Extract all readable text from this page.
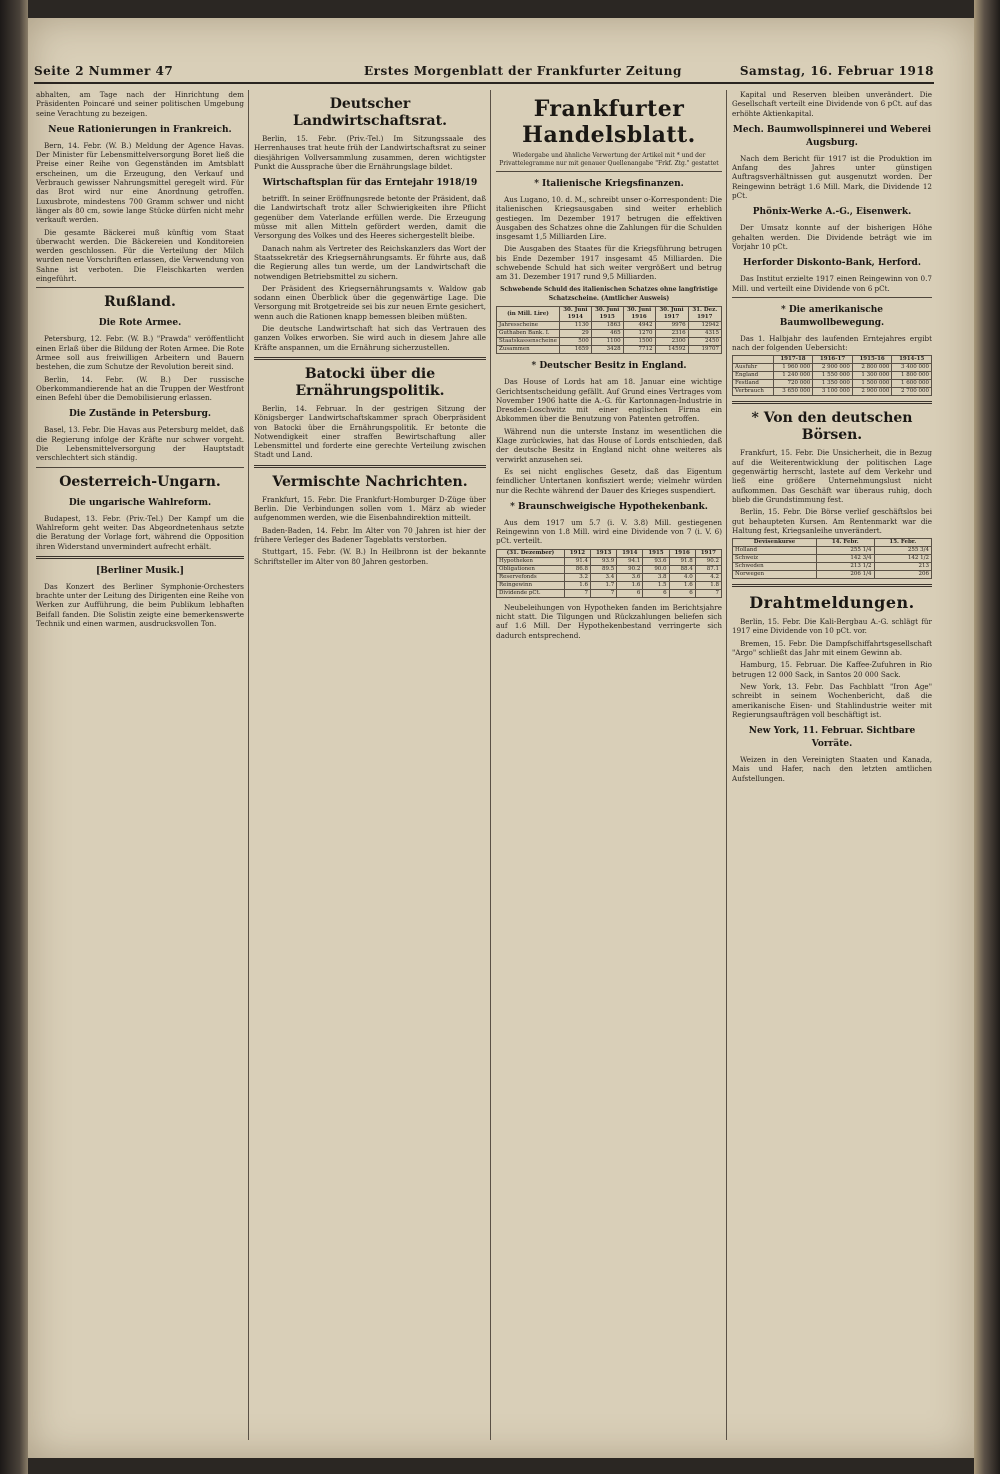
Seite 2 Nummer 47	Erstes Morgenblatt der Frankfurter Zeitung	Samstag, 16. Februar 1918

abhalten, am Tage nach der Hinrichtung dem Präsidenten Poincaré und seiner politischen Umgebung seine Verachtung zu bezeigen.

Neue Rationierungen in Frankreich.

Bern, 14. Febr. (W. B.) Meldung der Agence Havas. Der Minister für Lebensmittelversorgung Boret ließ die Preise einer Reihe von Gegenständen im Amtsblatt erscheinen, um die Erzeugung, den Verkauf und Verbrauch gewisser Nahrungsmittel geregelt wird. Für das Brot wird nur eine Anordnung getroffen. Luxusbrote, mindestens 700 Gramm schwer und nicht länger als 80 cm, sowie lange Stücke dürfen nicht mehr verkauft werden.

Die gesamte Bäckerei muß künftig vom Staat überwacht werden. Die Bäckereien und Konditoreien werden geschlossen. Für die Verteilung der Milch wurden neue Vorschriften erlassen, die Verwendung von Sahne ist verboten. Die Fleischkarten werden eingeführt.

Rußland.
Die Rote Armee.

Petersburg, 12. Febr. (W. B.) "Prawda" veröffentlicht einen Erlaß über die Bildung der Roten Armee. Die Rote Armee soll aus freiwilligen Arbeitern und Bauern bestehen, die zum Schutze der Revolution bereit sind.

Berlin, 14. Febr. (W. B.) Der russische Oberkommandierende hat an die Truppen der Westfront einen Befehl über die Demobilisierung erlassen.

Die Zustände in Petersburg.

Basel, 13. Febr. Die Havas aus Petersburg meldet, daß die Regierung infolge der Kräfte nur schwer vorgeht. Die Lebensmittelversorgung der Hauptstadt verschlechtert sich ständig.

Oesterreich-Ungarn.
Die ungarische Wahlreform.

Budapest, 13. Febr. (Priv.-Tel.) Der Kampf um die Wahlreform geht weiter. Das Abgeordnetenhaus setzte die Beratung der Vorlage fort, während die Opposition ihren Widerstand unvermindert aufrecht erhält.

[Berliner Musik.]

Das Konzert des Berliner Symphonie-Orchesters brachte unter der Leitung des Dirigenten eine Reihe von Werken zur Aufführung, die beim Publikum lebhaften Beifall fanden. Die Solistin zeigte eine bemerkenswerte Technik und einen warmen, ausdrucksvollen Ton.

Deutscher Landwirtschaftsrat.

Berlin, 15. Febr. (Priv.-Tel.) Im Sitzungssaale des Herrenhauses trat heute früh der Landwirtschaftsrat zu seiner diesjährigen Vollversammlung zusammen, deren wichtigster Punkt die Aussprache über die Ernährungslage bildet.

Wirtschaftsplan für das Erntejahr 1918/19

betrifft. In seiner Eröffnungsrede betonte der Präsident, daß die Landwirtschaft trotz aller Schwierigkeiten ihre Pflicht gegenüber dem Vaterlande erfüllen werde. Die Erzeugung müsse mit allen Mitteln gefördert werden, damit die Versorgung des Volkes und des Heeres sichergestellt bleibe.

Danach nahm als Vertreter des Reichskanzlers das Wort der Staatssekretär des Kriegsernährungsamts. Er führte aus, daß die Regierung alles tun werde, um der Landwirtschaft die notwendigen Betriebsmittel zu sichern.

Der Präsident des Kriegsernährungsamts v. Waldow gab sodann einen Überblick über die gegenwärtige Lage. Die Versorgung mit Brotgetreide sei bis zur neuen Ernte gesichert, wenn auch die Rationen knapp bemessen bleiben müßten.

Die deutsche Landwirtschaft hat sich das Vertrauen des ganzen Volkes erworben. Sie wird auch in diesem Jahre alle Kräfte anspannen, um die Ernährung sicherzustellen.

Batocki über die Ernährungspolitik.

Berlin, 14. Februar. In der gestrigen Sitzung der Königsberger Landwirtschaftskammer sprach Oberpräsident von Batocki über die Ernährungspolitik. Er betonte die Notwendigkeit einer straffen Bewirtschaftung aller Lebensmittel und forderte eine gerechte Verteilung zwischen Stadt und Land.

Vermischte Nachrichten.

Frankfurt, 15. Febr. Die Frankfurt-Homburger D-Züge über Berlin. Die Verbindungen sollen vom 1. März ab wieder aufgenommen werden, wie die Eisenbahndirektion mitteilt.

Baden-Baden, 14. Febr. Im Alter von 70 Jahren ist hier der frühere Verleger des Badener Tageblatts verstorben.

Stuttgart, 15. Febr. (W. B.) In Heilbronn ist der bekannte Schriftsteller im Alter von 80 Jahren gestorben.

Frankfurter Handelsblatt.

Wiedergabe und ähnliche Verwertung der Artikel mit * und der Privattelegramme nur mit genauer Quellenangabe "Frkf. Ztg." gestattet

* Italienische Kriegsfinanzen.

Aus Lugano, 10. d. M., schreibt unser o-Korrespondent: Die italienischen Kriegsausgaben sind weiter erheblich gestiegen. Im Dezember 1917 betrugen die effektiven Ausgaben des Schatzes ohne die Zahlungen für die Schulden insgesamt 1,5 Milliarden Lire.

Die Ausgaben des Staates für die Kriegsführung betrugen bis Ende Dezember 1917 insgesamt 45 Milliarden. Die schwebende Schuld hat sich weiter vergrößert und betrug am 31. Dezember 1917 rund 9,5 Milliarden.

Schwebende Schuld des italienischen Schatzes ohne langfristige Schatzscheine. (Amtlicher Ausweis)

(in Mill. Lire)	30. Juni 1914	30. Juni 1915	30. Juni 1916	30. Juni 1917	31. Dez. 1917
Jahresscheine	1130	1863	4942	9976	12942
Guthaben Bank. I.	29	465	1270	2316	4315
Staatskassenscheine	500	1100	1500	2300	2450
Zusammen	1659	3428	7712	14592	19707
* Deutscher Besitz in England.

Das House of Lords hat am 18. Januar eine wichtige Gerichtsentscheidung gefällt. Auf Grund eines Vertrages vom November 1906 hatte die A.-G. für Kartonnagen-Industrie in Dresden-Loschwitz mit einer englischen Firma ein Abkommen über die Benutzung von Patenten getroffen.

Während nun die unterste Instanz im wesentlichen die Klage zurückwies, hat das House of Lords entschieden, daß der deutsche Besitz in England nicht ohne weiteres als verwirkt anzusehen sei.

Es sei nicht englisches Gesetz, daß das Eigentum feindlicher Untertanen konfisziert werde; vielmehr würden nur die Rechte während der Dauer des Krieges suspendiert.

* Braunschweigische Hypothekenbank.

Aus dem 1917 um 5.7 (i. V. 3.8) Mill. gestiegenen Reingewinn von 1.8 Mill. wird eine Dividende von 7 (i. V. 6) pCt. verteilt.

(31. Dezember)	1912	1913	1914	1915	1916	1917
Hypotheken	91.4	93.9	94.1	93.6	91.8	90.2
Obligationen	86.8	89.5	90.2	90.0	88.4	87.1
Reservefonds	3.2	3.4	3.6	3.8	4.0	4.2
Reingewinn	1.6	1.7	1.6	1.5	1.6	1.8
Dividende pCt.	7	7	6	6	6	7

Neubeleihungen von Hypotheken fanden im Berichtsjahre nicht statt. Die Tilgungen und Rückzahlungen beliefen sich auf 1.6 Mill. Der Hypothekenbestand verringerte sich dadurch entsprechend.

Kapital und Reserven bleiben unverändert. Die Gesellschaft verteilt eine Dividende von 6 pCt. auf das erhöhte Aktienkapital.

Mech. Baumwollspinnerei und Weberei Augsburg.

Nach dem Bericht für 1917 ist die Produktion im Anfang des Jahres unter günstigen Auftragsverhältnissen gut ausgenutzt worden. Der Reingewinn beträgt 1.6 Mill. Mark, die Dividende 12 pCt.

Phönix-Werke A.-G., Eisenwerk.

Der Umsatz konnte auf der bisherigen Höhe gehalten werden. Die Dividende beträgt wie im Vorjahr 10 pCt.

Herforder Diskonto-Bank, Herford.

Das Institut erzielte 1917 einen Reingewinn von 0.7 Mill. und verteilt eine Dividende von 6 pCt.

* Die amerikanische Baumwollbewegung.

Das 1. Halbjahr des laufenden Erntejahres ergibt nach der folgenden Uebersicht:

	1917-18	1916-17	1915-16	1914-15
Ausfuhr	1 960 000	2 900 000	2 800 000	3 400 000
England	1 240 000	1 550 000	1 300 000	1 800 000
Festland	720 000	1 350 000	1 500 000	1 600 000
Verbrauch	3 650 000	3 100 000	2 900 000	2 700 000
* Von den deutschen Börsen.

Frankfurt, 15. Febr. Die Unsicherheit, die in Bezug auf die Weiterentwicklung der politischen Lage gegenwärtig herrscht, lastete auf dem Verkehr und ließ eine größere Unternehmungslust nicht aufkommen. Das Geschäft war überaus ruhig, doch blieb die Grundstimmung fest.

Berlin, 15. Febr. Die Börse verlief geschäftslos bei gut behaupteten Kursen. Am Rentenmarkt war die Haltung fest, Kriegsanleihe unverändert.

Devisenkurse	14. Febr.	15. Febr.
Holland	255 1/4	255 3/4
Schweiz	142 3/4	142 1/2
Schweden	213 1/2	213
Norwegen	206 1/4	206
Drahtmeldungen.

Berlin, 15. Febr. Die Kali-Bergbau A.-G. schlägt für 1917 eine Dividende von 10 pCt. vor.

Bremen, 15. Febr. Die Dampfschiffahrtsgesellschaft "Argo" schließt das Jahr mit einem Gewinn ab.

Hamburg, 15. Februar. Die Kaffee-Zufuhren in Rio betrugen 12 000 Sack, in Santos 20 000 Sack.

New York, 13. Febr. Das Fachblatt "Iron Age" schreibt in seinem Wochenbericht, daß die amerikanische Eisen- und Stahlindustrie weiter mit Regierungsaufträgen voll beschäftigt ist.

New York, 11. Februar. Sichtbare Vorräte.

Weizen in den Vereinigten Staaten und Kanada, Mais und Hafer, nach den letzten amtlichen Aufstellungen.
